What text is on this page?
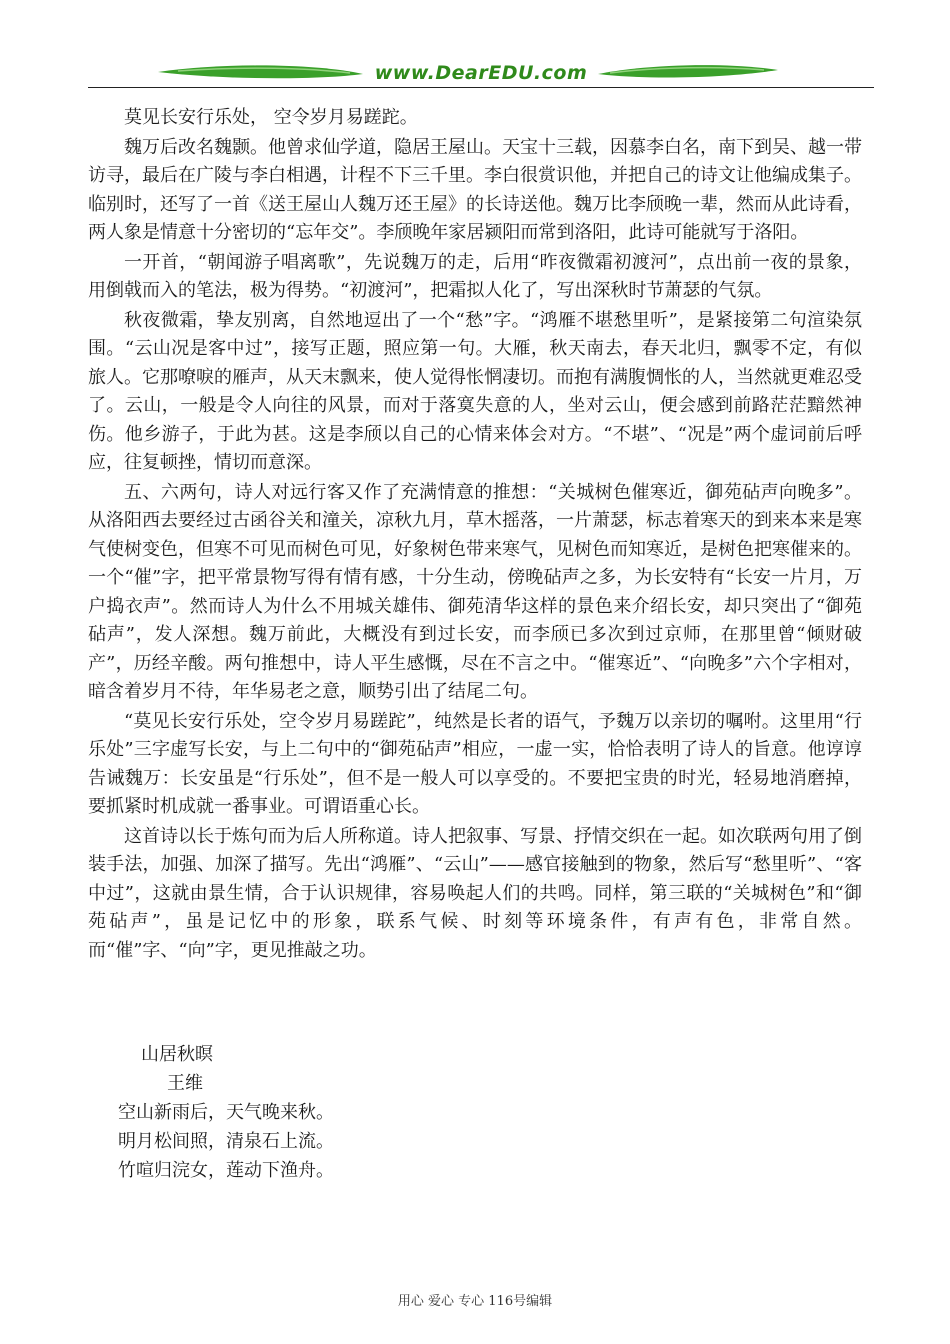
www.DearEDU.com

莫见长安行乐处， 空令岁月易蹉跎。

魏万后改名魏颢。他曾求仙学道，隐居王屋山。天宝十三载，因慕李白名，南下到吴、越一带访寻，最后在广陵与李白相遇，计程不下三千里。李白很赏识他，并把自己的诗文让他编成集子。临别时，还写了一首《送王屋山人魏万还王屋》的长诗送他。魏万比李颀晚一辈，然而从此诗看，两人象是情意十分密切的“忘年交”。李颀晚年家居颍阳而常到洛阳，此诗可能就写于洛阳。

一开首，“朝闻游子唱离歌”，先说魏万的走，后用“昨夜微霜初渡河”，点出前一夜的景象，用倒戟而入的笔法，极为得势。“初渡河”，把霜拟人化了，写出深秋时节萧瑟的气氛。

秋夜微霜，挚友别离，自然地逗出了一个“愁”字。“鸿雁不堪愁里听”，是紧接第二句渲染氛围。“云山况是客中过”，接写正题，照应第一句。大雁，秋天南去，春天北归，飘零不定，有似旅人。它那嘹唳的雁声，从天末飘来，使人觉得怅惘凄切。而抱有满腹惆怅的人，当然就更难忍受了。云山，一般是令人向往的风景，而对于落寞失意的人，坐对云山，便会感到前路茫茫黯然神伤。他乡游子，于此为甚。这是李颀以自己的心情来体会对方。“不堪”、“况是”两个虚词前后呼应，往复顿挫，情切而意深。

五、六两句，诗人对远行客又作了充满情意的推想：“关城树色催寒近，御苑砧声向晚多”。从洛阳西去要经过古函谷关和潼关，凉秋九月，草木摇落，一片萧瑟，标志着寒天的到来本来是寒气使树变色，但寒不可见而树色可见，好象树色带来寒气，见树色而知寒近，是树色把寒催来的。一个“催”字，把平常景物写得有情有感，十分生动，傍晚砧声之多，为长安特有“长安一片月，万户捣衣声”。然而诗人为什么不用城关雄伟、御苑清华这样的景色来介绍长安，却只突出了“御苑砧声”，发人深想。魏万前此，大概没有到过长安，而李颀已多次到过京师，在那里曾“倾财破产”，历经辛酸。两句推想中，诗人平生感慨，尽在不言之中。“催寒近”、“向晚多”六个字相对，暗含着岁月不待，年华易老之意，顺势引出了结尾二句。

“莫见长安行乐处，空令岁月易蹉跎”，纯然是长者的语气，予魏万以亲切的嘱咐。这里用“行乐处”三字虚写长安，与上二句中的“御苑砧声”相应，一虚一实，恰恰表明了诗人的旨意。他谆谆告诫魏万：长安虽是“行乐处”，但不是一般人可以享受的。不要把宝贵的时光，轻易地消磨掉，要抓紧时机成就一番事业。可谓语重心长。

这首诗以长于炼句而为后人所称道。诗人把叙事、写景、抒情交织在一起。如次联两句用了倒装手法，加强、加深了描写。先出“鸿雁”、“云山”——感官接触到的物象，然后写“愁里听”、“客中过”，这就由景生情，合于认识规律，容易唤起人们的共鸣。同样，第三联的“关城树色”和“御苑砧声”，虽是记忆中的形象，联系气候、时刻等环境条件，有声有色，非常自然。而“催”字、“向”字，更见推敲之功。

山居秋暝
王维
空山新雨后，天气晚来秋。
明月松间照，清泉石上流。
竹喧归浣女，莲动下渔舟。
用心 爱心 专心 116号编辑
